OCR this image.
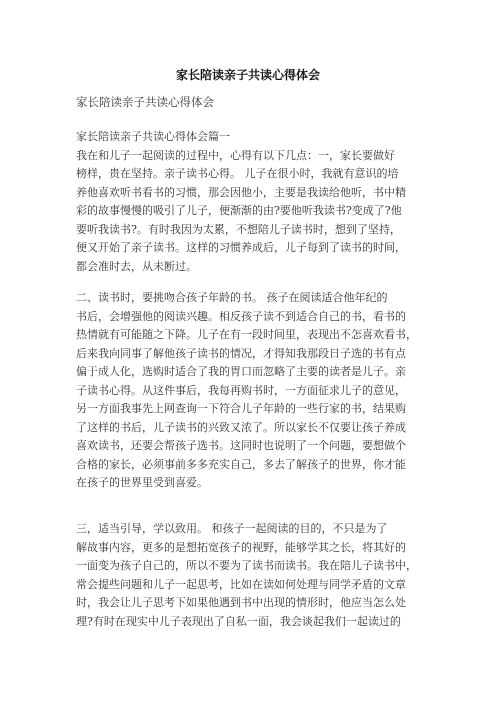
家长陪读亲子共读心得体会
家长陪读亲子共读心得体会
家长陪读亲子共读心得体会篇一
我在和儿子一起阅读的过程中，心得有以下几点：一，家长要做好
榜样，贵在坚持。亲子读书心得。 儿子在很小时，我就有意识的培
养他喜欢听书看书的习惯，那会因他小，主要是我读给他听，书中精
彩的故事慢慢的吸引了儿子，便渐渐的由?要他听我读书?变成了?他
要听我读书?。有时我因为太累，不想陪儿子读书时，想到了坚持，
便又开始了亲子读书。这样的习惯养成后，儿子每到了读书的时间，
都会准时去，从未断过。
二、读书时，要挑吻合孩子年龄的书。 孩子在阅读适合他年纪的
书后，会增强他的阅读兴趣。相反孩子读不到适合自己的书，看书的
热情就有可能随之下降。儿子在有一段时间里，表现出不怎喜欢看书，
后来我向同事了解他孩子读书的情况，才得知我那段日子选的书有点
偏于成人化，选购时适合了我的胃口而忽略了主要的读者是儿子。亲
子读书心得。从这件事后，我每再购书时，一方面征求儿子的意见，
另一方面我事先上网查询一下符合儿子年龄的一些行家的书，结果购
了这样的书后，儿子读书的兴致又浓了。所以家长不仅要让孩子养成
喜欢读书，还要会帮孩子选书。这同时也说明了一个问题，要想做个
合格的家长，必须事前多多充实自己，多去了解孩子的世界，你才能
在孩子的世界里受到喜爱。
三，适当引导，学以致用。 和孩子一起阅读的目的，不只是为了
解故事内容，更多的是想拓宽孩子的视野，能够学其之长，将其好的
一面变为孩子自己的，所以不要为了读书而读书。我在陪儿子读书中，
常会提些问题和儿子一起思考，比如在读如何处理与同学矛盾的文章
时，我会让儿子思考下如果他遇到书中出现的情形时，他应当怎么处
理?有时在现实中儿子表现出了自私一面，我会谈起我们一起读过的
